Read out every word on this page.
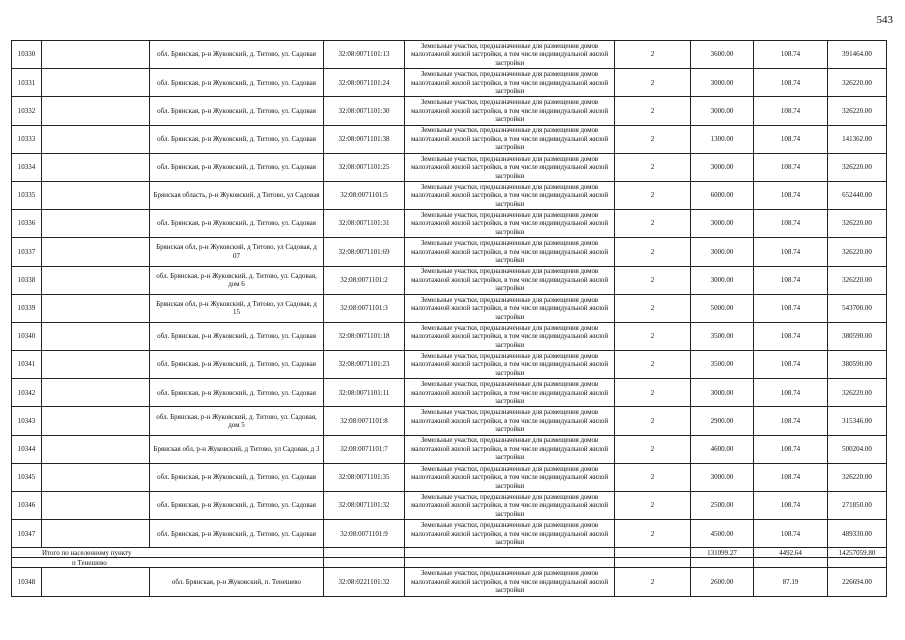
543
10330		обл. Брянская, р-н Жуковский, д. Титово, ул. Садовая	32:08:0071101:13	Земельные участки, предназначенные для размещения домов малоэтажной жилой застройки, в том числе индивидуальной жилой застройки	2	3600.00	108.74	391464.00
10331		обл. Брянская, р-н Жуковский, д. Титово, ул. Садовая	32:08:0071101:24	Земельные участки, предназначенные для размещения домов малоэтажной жилой застройки, в том числе индивидуальной жилой застройки	2	3000.00	108.74	326220.00
10332		обл. Брянская, р-н Жуковский, д. Титово, ул. Садовая	32:08:0071101:30	Земельные участки, предназначенные для размещения домов малоэтажной жилой застройки, в том числе индивидуальной жилой застройки	2	3000.00	108.74	326220.00
10333		обл. Брянская, р-н Жуковский, д. Титово, ул. Садовая	32:08:0071101:38	Земельные участки, предназначенные для размещения домов малоэтажной жилой застройки, в том числе индивидуальной жилой застройки	2	1300.00	108.74	141362.00
10334		обл. Брянская, р-н Жуковский, д. Титово, ул. Садовая	32:08:0071101:25	Земельные участки, предназначенные для размещения домов малоэтажной жилой застройки, в том числе индивидуальной жилой застройки	2	3000.00	108.74	326220.00
10335		Брянская область, р-н Жуковский, д Титово, ул Садовая	32:08:0071101:5	Земельные участки, предназначенные для размещения домов малоэтажной жилой застройки, в том числе индивидуальной жилой застройки	2	6000.00	108.74	652440.00
10336		обл. Брянская, р-н Жуковский, д. Титово, ул. Садовая	32:08:0071101:31	Земельные участки, предназначенные для размещения домов малоэтажной жилой застройки, в том числе индивидуальной жилой застройки	2	3000.00	108.74	326220.00
10337		Брянская обл, р-н Жуковский, д Титово, ул Садовая, д 07	32:08:0071101:69	Земельные участки, предназначенные для размещения домов малоэтажной жилой застройки, в том числе индивидуальной жилой застройки	2	3000.00	108.74	326220.00
10338		обл. Брянская, р-н Жуковский, д. Титово, ул. Садовая, дом 6	32:08:0071101:2	Земельные участки, предназначенные для размещения домов малоэтажной жилой застройки, в том числе индивидуальной жилой застройки	2	3000.00	108.74	326220.00
10339		Брянская обл, р-н Жуковский, д Титово, ул Садовая, д 15	32:08:0071101:3	Земельные участки, предназначенные для размещения домов малоэтажной жилой застройки, в том числе индивидуальной жилой застройки	2	5000.00	108.74	543700.00
10340		обл. Брянская, р-н Жуковский, д. Титово, ул. Садовая	32:08:0071101:18	Земельные участки, предназначенные для размещения домов малоэтажной жилой застройки, в том числе индивидуальной жилой застройки	2	3500.00	108.74	380590.00
10341		обл. Брянская, р-н Жуковский, д. Титово, ул. Садовая	32:08:0071101:23	Земельные участки, предназначенные для размещения домов малоэтажной жилой застройки, в том числе индивидуальной жилой застройки	2	3500.00	108.74	380590.00
10342		обл. Брянская, р-н Жуковский, д. Титово, ул. Садовая	32:08:0071101:11	Земельные участки, предназначенные для размещения домов малоэтажной жилой застройки, в том числе индивидуальной жилой застройки	2	3000.00	108.74	326220.00
10343		обл. Брянская, р-н Жуковский, д. Титово, ул. Садовая, дом 5	32:08:0071101:8	Земельные участки, предназначенные для размещения домов малоэтажной жилой застройки, в том числе индивидуальной жилой застройки	2	2900.00	108.74	315346.00
10344		Брянская обл, р-н Жуковский, д Титово, ул Садовая, д 3	32:08:0071101:7	Земельные участки, предназначенные для размещения домов малоэтажной жилой застройки, в том числе индивидуальной жилой застройки	2	4600.00	108.74	500204.00
10345		обл. Брянская, р-н Жуковский, д. Титово, ул. Садовая	32:08:0071101:35	Земельные участки, предназначенные для размещения домов малоэтажной жилой застройки, в том числе индивидуальной жилой застройки	2	3000.00	108.74	326220.00
10346		обл. Брянская, р-н Жуковский, д. Титово, ул. Садовая	32:08:0071101:32	Земельные участки, предназначенные для размещения домов малоэтажной жилой застройки, в том числе индивидуальной жилой застройки	2	2500.00	108.74	271850.00
10347		обл. Брянская, р-н Жуковский, д. Титово, ул. Садовая	32:08:0071101:9	Земельные участки, предназначенные для размещения домов малоэтажной жилой застройки, в том числе индивидуальной жилой застройки	2	4500.00	108.74	489330.00
Итого по населенному пункту						131099.27	4492.64	14257059.80
п Тенешево								
10348		обл. Брянская, р-н Жуковский, п. Тенешево	32:08:0221101:32	Земельные участки, предназначенные для размещения домов малоэтажной жилой застройки, в том числе индивидуальной жилой застройки	2	2600.00	87.19	226694.00
